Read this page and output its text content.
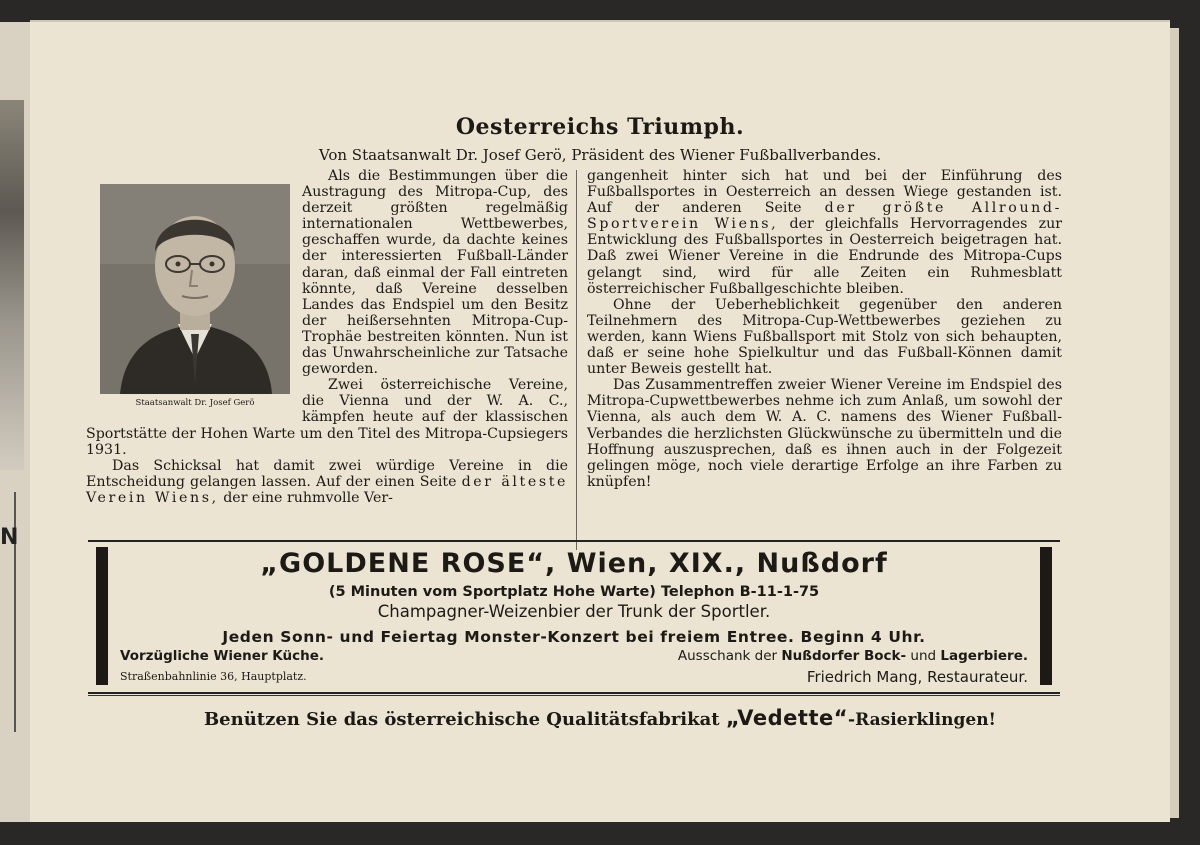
N
Oesterreichs Triumph.
Von Staatsanwalt Dr. Josef Gerö, Präsident des Wiener Fußballverbandes.
Staatsanwalt Dr. Josef Gerö

Als die Bestimmungen über die Austragung des Mitropa-Cup, des derzeit größten regelmäßig internationalen Wettbewerbes, geschaffen wurde, da dachte keines der interessierten Fußball-Länder daran, daß einmal der Fall eintreten könnte, daß Vereine desselben Landes das Endspiel um den Besitz der heißersehnten Mitropa-Cup-Trophäe bestreiten könnten. Nun ist das Unwahrscheinliche zur Tatsache geworden.

Zwei österreichische Vereine, die Vienna und der W. A. C., kämpfen heute auf der klassischen Sportstätte der Hohen Warte um den Titel des Mitropa-Cupsiegers 1931.

Das Schicksal hat damit zwei würdige Vereine in die Entscheidung gelangen lassen. Auf der einen Seite der älteste Verein Wiens, der eine ruhmvolle Ver-

gangenheit hinter sich hat und bei der Einführung des Fußballsportes in Oesterreich an dessen Wiege gestanden ist. Auf der anderen Seite der größte Allround-Sportverein Wiens, der gleichfalls Hervorragendes zur Entwicklung des Fußballsportes in Oesterreich beigetragen hat. Daß zwei Wiener Vereine in die Endrunde des Mitropa-Cups gelangt sind, wird für alle Zeiten ein Ruhmesblatt österreichischer Fußballgeschichte bleiben.

Ohne der Ueberheblichkeit gegenüber den anderen Teilnehmern des Mitropa-Cup-Wettbewerbes geziehen zu werden, kann Wiens Fußballsport mit Stolz von sich behaupten, daß er seine hohe Spielkultur und das Fußball-Können damit unter Beweis gestellt hat.

Das Zusammentreffen zweier Wiener Vereine im Endspiel des Mitropa-Cupwettbewerbes nehme ich zum Anlaß, um sowohl der Vienna, als auch dem W. A. C. namens des Wiener Fußball-Verbandes die herzlichsten Glückwünsche zu übermitteln und die Hoffnung auszusprechen, daß es ihnen auch in der Folgezeit gelingen möge, noch viele derartige Erfolge an ihre Farben zu knüpfen!

„GOLDENE ROSE“, Wien, XIX., Nußdorf
(5 Minuten vom Sportplatz Hohe Warte) Telephon B-11-1-75
Champagner-Weizenbier der Trunk der Sportler.
Jeden Sonn- und Feiertag Monster-Konzert bei freiem Entree. Beginn 4 Uhr.
Vorzügliche Wiener Küche.	Ausschank der Nußdorfer Bock- und Lagerbiere.
Straßenbahnlinie 36, Hauptplatz.	Friedrich Mang, Restaurateur.
Benützen Sie das österreichische Qualitätsfabrikat „Vedette“-Rasierklingen!
